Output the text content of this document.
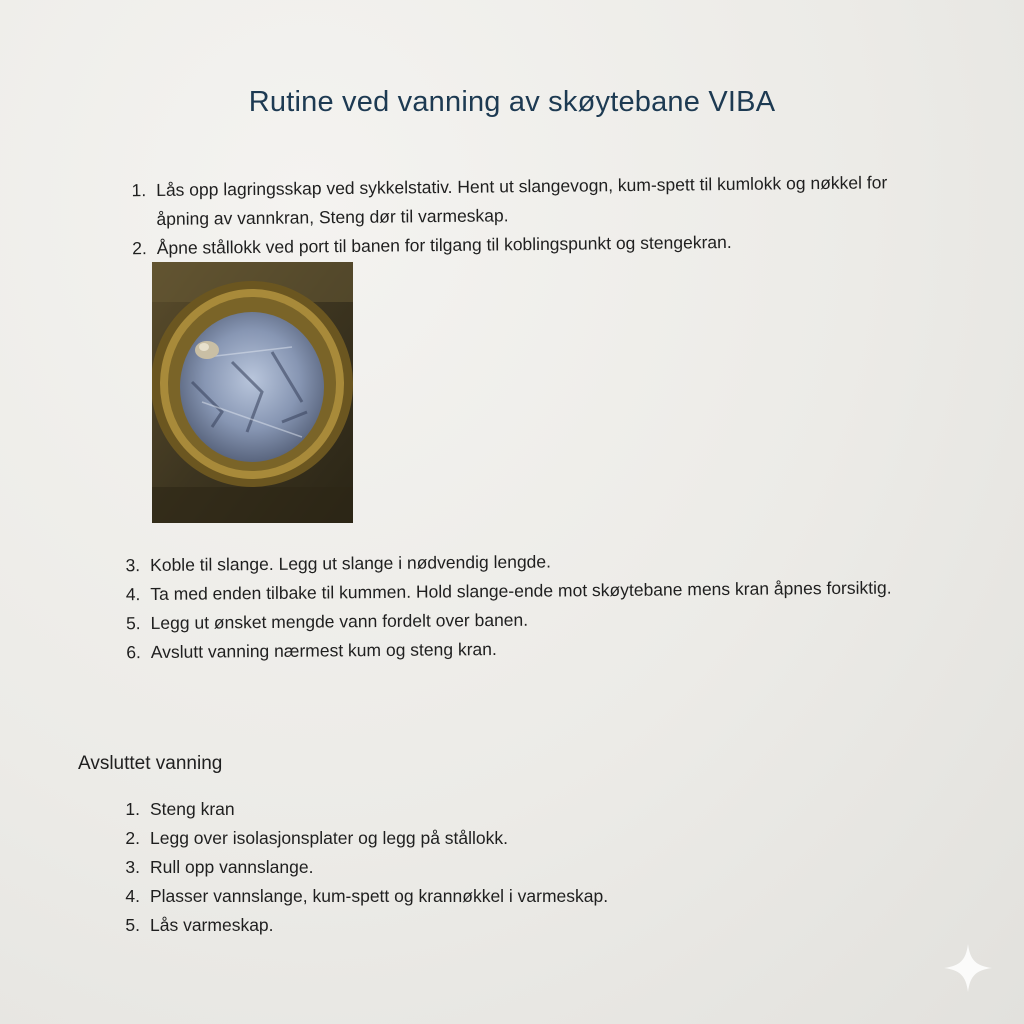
Rutine ved vanning av skøytebane VIBA
1. Lås opp lagringsskap ved sykkelstativ. Hent ut slangevogn, kum-spett til kumlokk og nøkkel for åpning av vannkran, Steng dør til varmeskap.
2. Åpne stållokk ved port til banen for tilgang til koblingspunkt og stengekran.
3. Koble til slange. Legg ut slange i nødvendig lengde.
4. Ta med enden tilbake til kummen. Hold slange-ende mot skøytebane mens kran åpnes forsiktig.
5. Legg ut ønsket mengde vann fordelt over banen.
6. Avslutt vanning nærmest kum og steng kran.
Avsluttet vanning
1. Steng kran
2. Legg over isolasjonsplater og legg på stållokk.
3. Rull opp vannslange.
4. Plasser vannslange, kum-spett og krannøkkel i varmeskap.
5. Lås varmeskap.
